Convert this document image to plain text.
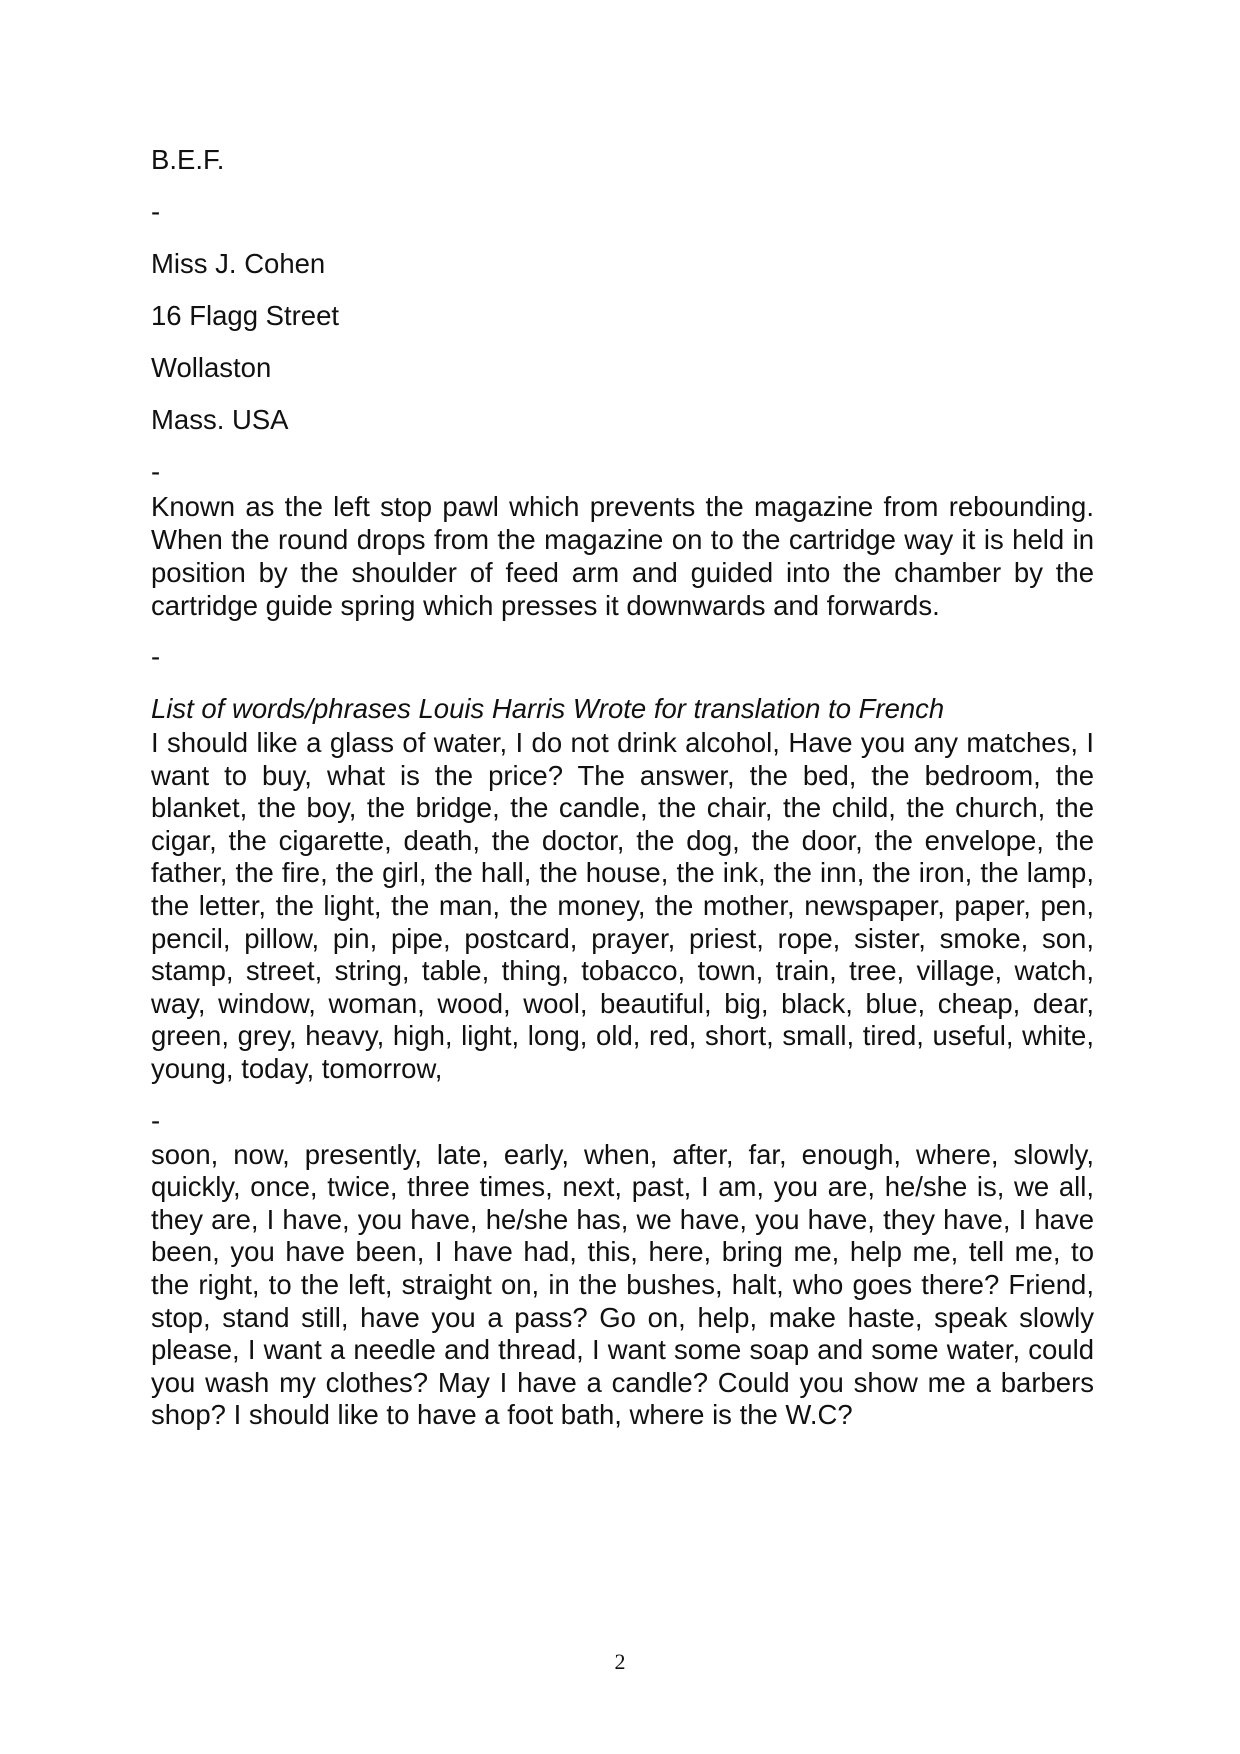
B.E.F.

-

Miss J. Cohen

16 Flagg Street

Wollaston

Mass. USA

-

Known as the left stop pawl which prevents the magazine from rebounding. When the round drops from the magazine on to the cartridge way it is held in position by the shoulder of feed arm and guided into the chamber by the cartridge guide spring which presses it downwards and forwards.

-

List of words/phrases Louis Harris Wrote for translation to French

I should like a glass of water, I do not drink alcohol, Have you any matches, I want to buy, what is the price? The answer, the bed, the bedroom, the blanket, the boy, the bridge, the candle, the chair, the child, the church, the cigar, the cigarette, death, the doctor, the dog, the door, the envelope, the father, the fire, the girl, the hall, the house, the ink, the inn, the iron, the lamp, the letter, the light, the man, the money, the mother, newspaper, paper, pen, pencil, pillow, pin, pipe, postcard, prayer, priest, rope, sister, smoke, son, stamp, street, string, table, thing, tobacco, town, train, tree, village, watch, way, window, woman, wood, wool, beautiful, big, black, blue, cheap, dear, green, grey, heavy, high, light, long, old, red, short, small, tired, useful, white, young, today, tomorrow,

-

soon, now, presently, late, early, when, after, far, enough, where, slowly, quickly, once, twice, three times, next, past, I am, you are, he/she is, we all, they are, I have, you have, he/she has, we have, you have, they have, I have been, you have been, I have had, this, here, bring me, help me, tell me, to the right, to the left, straight on, in the bushes, halt, who goes there? Friend, stop, stand still, have you a pass? Go on, help, make haste, speak slowly please, I want a needle and thread, I want some soap and some water, could you wash my clothes? May I have a candle? Could you show me a barbers shop? I should like to have a foot bath, where is the W.C?

2
